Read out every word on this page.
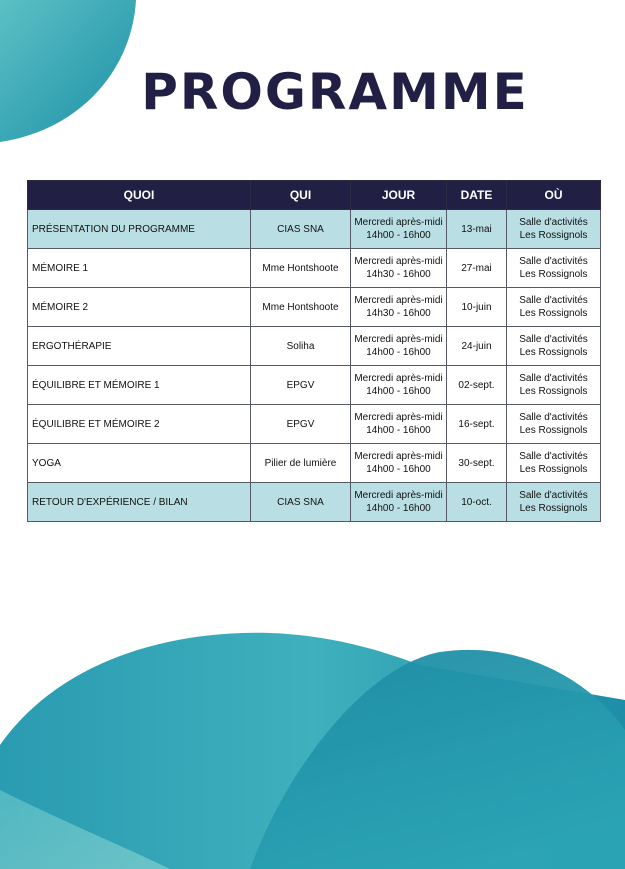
PROGRAMME
QUOI	QUI	JOUR	DATE	OÙ
PRÉSENTATION DU PROGRAMME	CIAS SNA	Mercredi après-midi
14h00 - 16h00	13-mai	Salle d'activités
Les Rossignols

MÉMOIRE 1	Mme Hontshoote	Mercredi après-midi
14h30 - 16h00	27-mai	Salle d'activités
Les Rossignols

MÉMOIRE 2	Mme Hontshoote	Mercredi après-midi
14h30 - 16h00	10-juin	Salle d'activités
Les Rossignols

ERGOTHÉRAPIE	Soliha	Mercredi après-midi
14h00 - 16h00	24-juin	Salle d'activités
Les Rossignols

ÉQUILIBRE ET MÉMOIRE 1	EPGV	Mercredi après-midi
14h00 - 16h00	02-sept.	Salle d'activités
Les Rossignols

ÉQUILIBRE ET MÉMOIRE 2	EPGV	Mercredi après-midi
14h00 - 16h00	16-sept.	Salle d'activités
Les Rossignols

YOGA	Pilier de lumière	Mercredi après-midi
14h00 - 16h00	30-sept.	Salle d'activités
Les Rossignols

RETOUR D'EXPÉRIENCE / BILAN	CIAS SNA	Mercredi après-midi
14h00 - 16h00	10-oct.	Salle d'activités
Les Rossignols
